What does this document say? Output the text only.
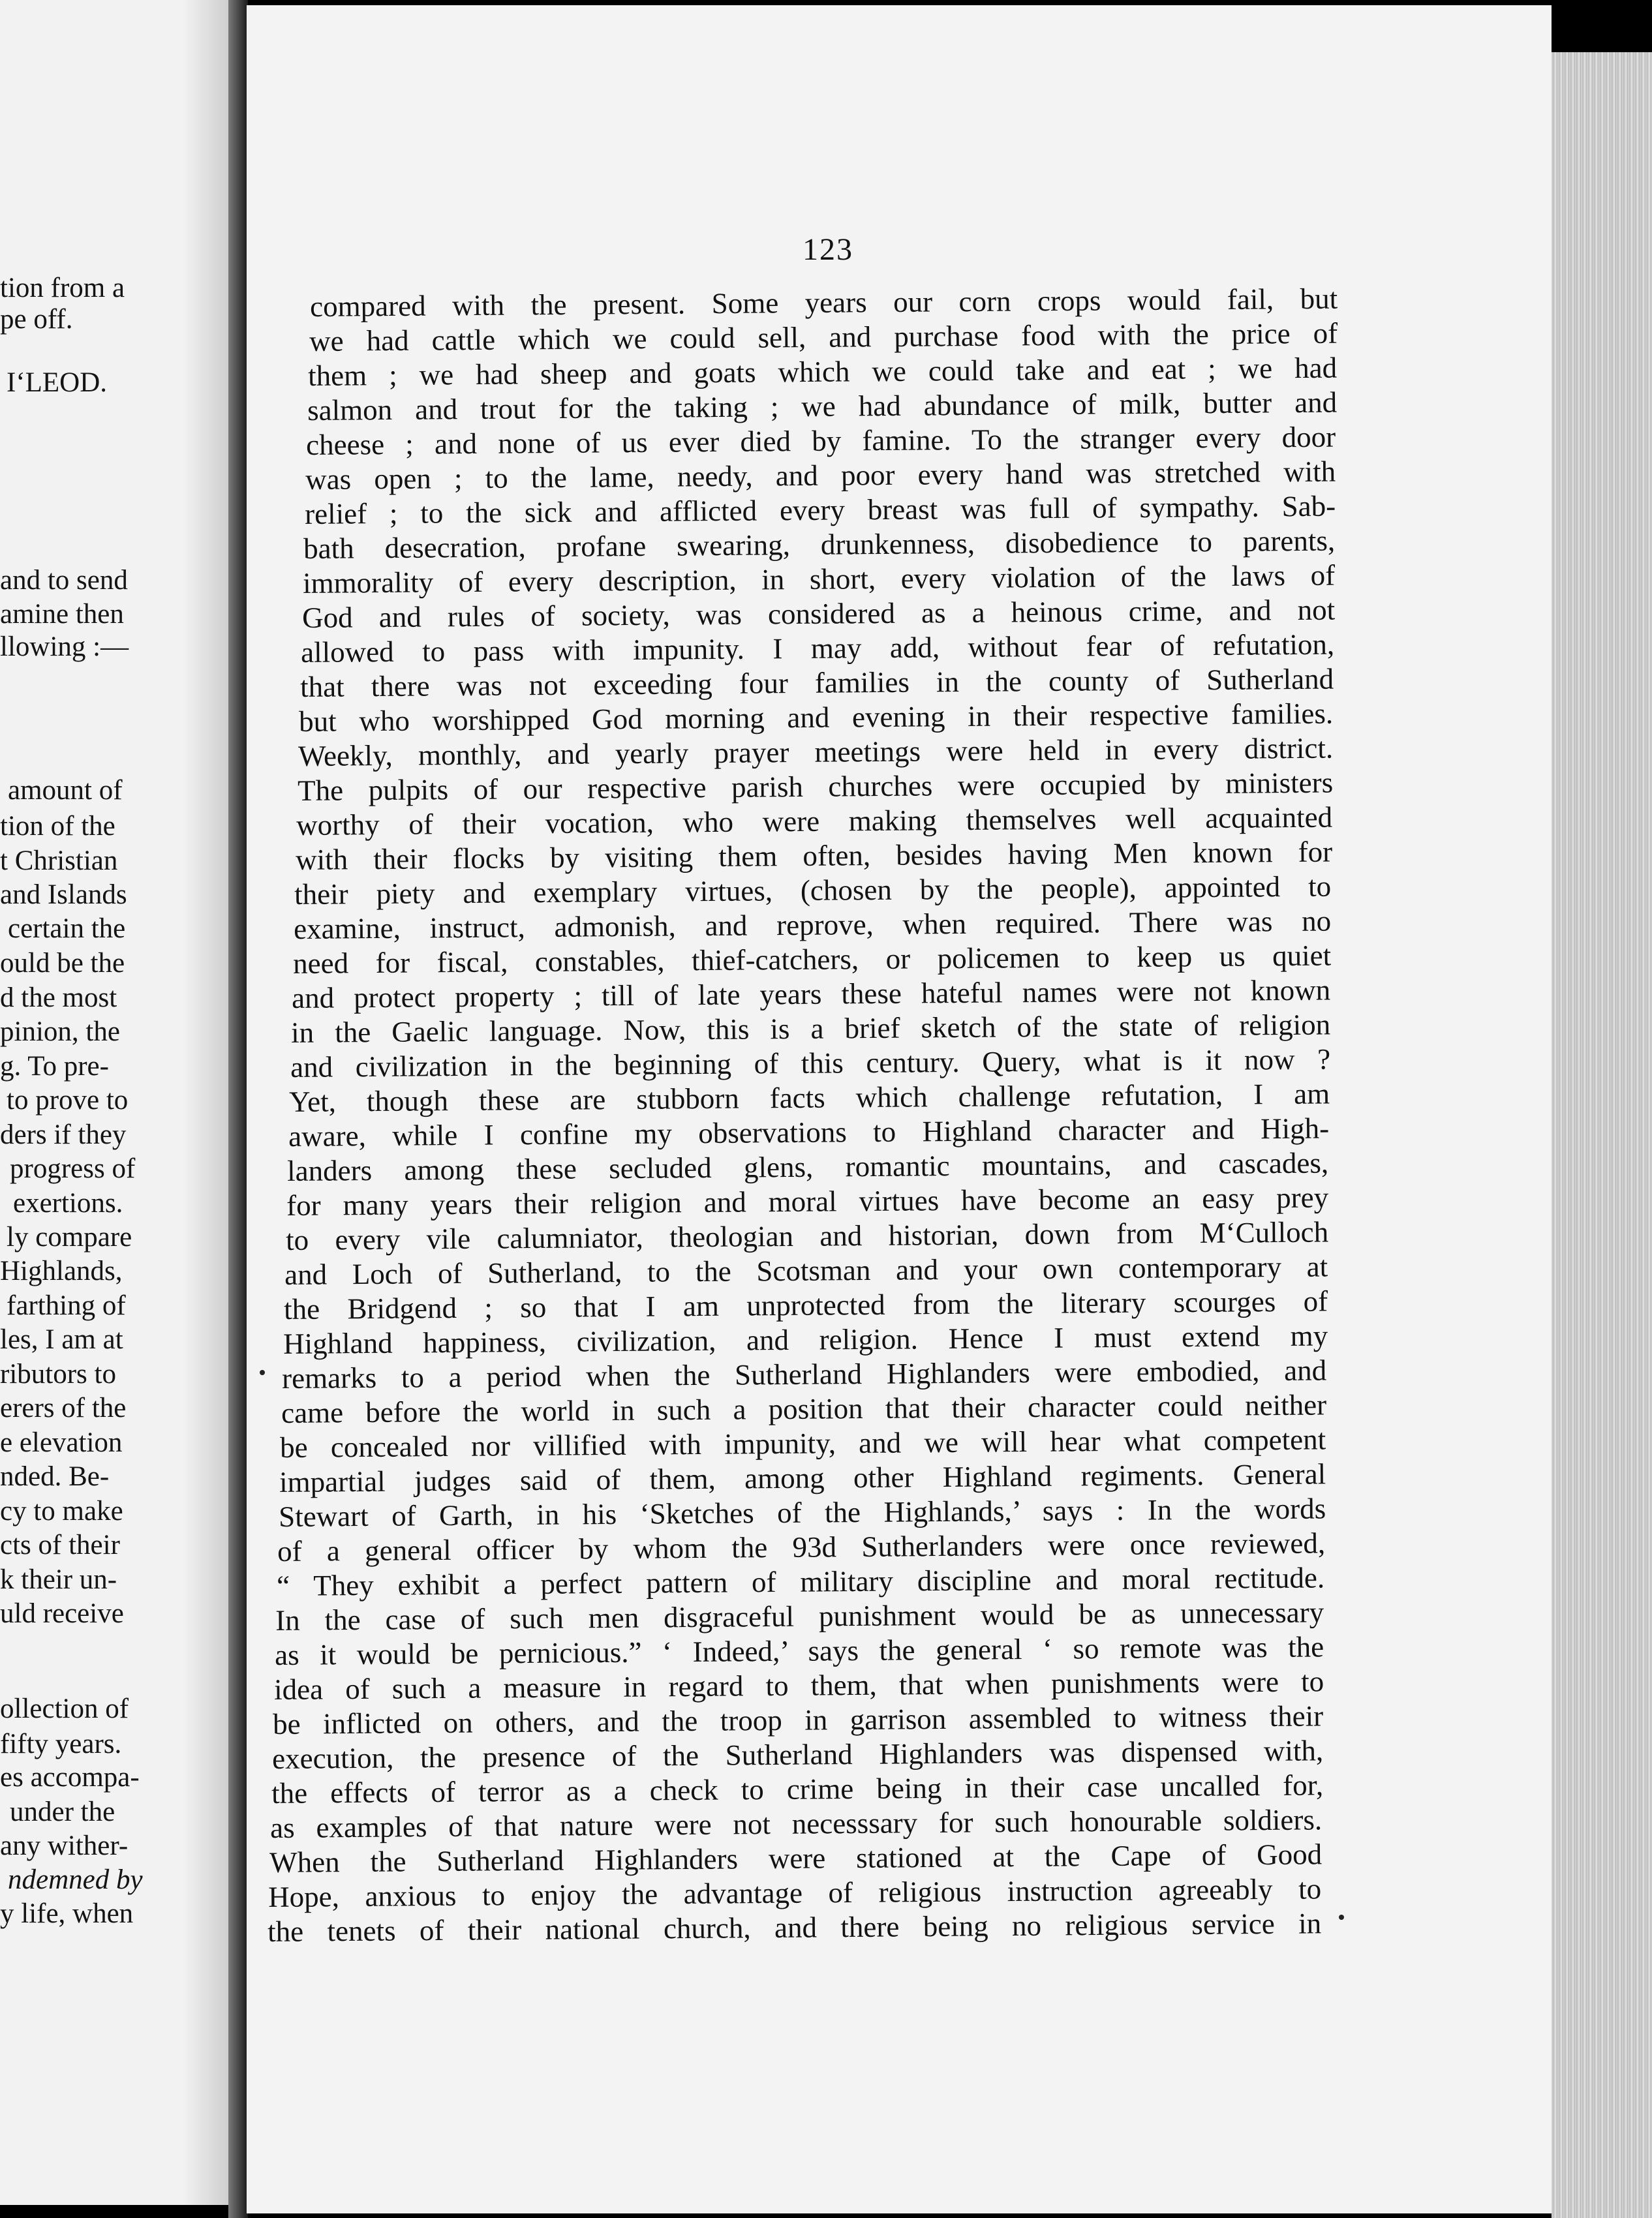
tion from a
pe off.
I‘LEOD.
and to send
amine then
llowing :—
amount of
tion of the
t Christian
and Islands
certain the
ould be the
d the most
pinion, the
g. To pre-
to prove to
ders if they
progress of
exertions.
ly compare
Highlands,
farthing of
les, I am at
ributors to
erers of the
e elevation
nded. Be-
cy to make
cts of their
k their un-
uld receive
ollection of
fifty years.
es accompa-
under the
any wither-
ndemned by
y life, when
123
compared with the present. Some years our corn crops would fail, but
we had cattle which we could sell, and purchase food with the price of
them ; we had sheep and goats which we could take and eat ; we had
salmon and trout for the taking ; we had abundance of milk, butter and
cheese ; and none of us ever died by famine. To the stranger every door
was open ; to the lame, needy, and poor every hand was stretched with
relief ; to the sick and afflicted every breast was full of sympathy. Sab-
bath desecration, profane swearing, drunkenness, disobedience to parents,
immorality of every description, in short, every violation of the laws of
God and rules of society, was considered as a heinous crime, and not
allowed to pass with impunity. I may add, without fear of refutation,
that there was not exceeding four families in the county of Sutherland
but who worshipped God morning and evening in their respective families.
Weekly, monthly, and yearly prayer meetings were held in every district.
The pulpits of our respective parish churches were occupied by ministers
worthy of their vocation, who were making themselves well acquainted
with their flocks by visiting them often, besides having Men known for
their piety and exemplary virtues, (chosen by the people), appointed to
examine, instruct, admonish, and reprove, when required. There was no
need for fiscal, constables, thief-catchers, or policemen to keep us quiet
and protect property ; till of late years these hateful names were not known
in the Gaelic language. Now, this is a brief sketch of the state of religion
and civilization in the beginning of this century. Query, what is it now ?
Yet, though these are stubborn facts which challenge refutation, I am
aware, while I confine my observations to Highland character and High-
landers among these secluded glens, romantic mountains, and cascades,
for many years their religion and moral virtues have become an easy prey
to every vile calumniator, theologian and historian, down from M‘Culloch
and Loch of Sutherland, to the Scotsman and your own contemporary at
the Bridgend ; so that I am unprotected from the literary scourges of
Highland happiness, civilization, and religion. Hence I must extend my
remarks to a period when the Sutherland Highlanders were embodied, and
came before the world in such a position that their character could neither
be concealed nor villified with impunity, and we will hear what competent
impartial judges said of them, among other Highland regiments. General
Stewart of Garth, in his ‘Sketches of the Highlands,’ says : In the words
of a general officer by whom the 93d Sutherlanders were once reviewed,
“ They exhibit a perfect pattern of military discipline and moral rectitude.
In the case of such men disgraceful punishment would be as unnecessary
as it would be pernicious.” ‘ Indeed,’ says the general ‘ so remote was the
idea of such a measure in regard to them, that when punishments were to
be inflicted on others, and the troop in garrison assembled to witness their
execution, the presence of the Sutherland Highlanders was dispensed with,
the effects of terror as a check to crime being in their case uncalled for,
as examples of that nature were not necesssary for such honourable soldiers.
When the Sutherland Highlanders were stationed at the Cape of Good
Hope, anxious to enjoy the advantage of religious instruction agreeably to
the tenets of their national church, and there being no religious service in
